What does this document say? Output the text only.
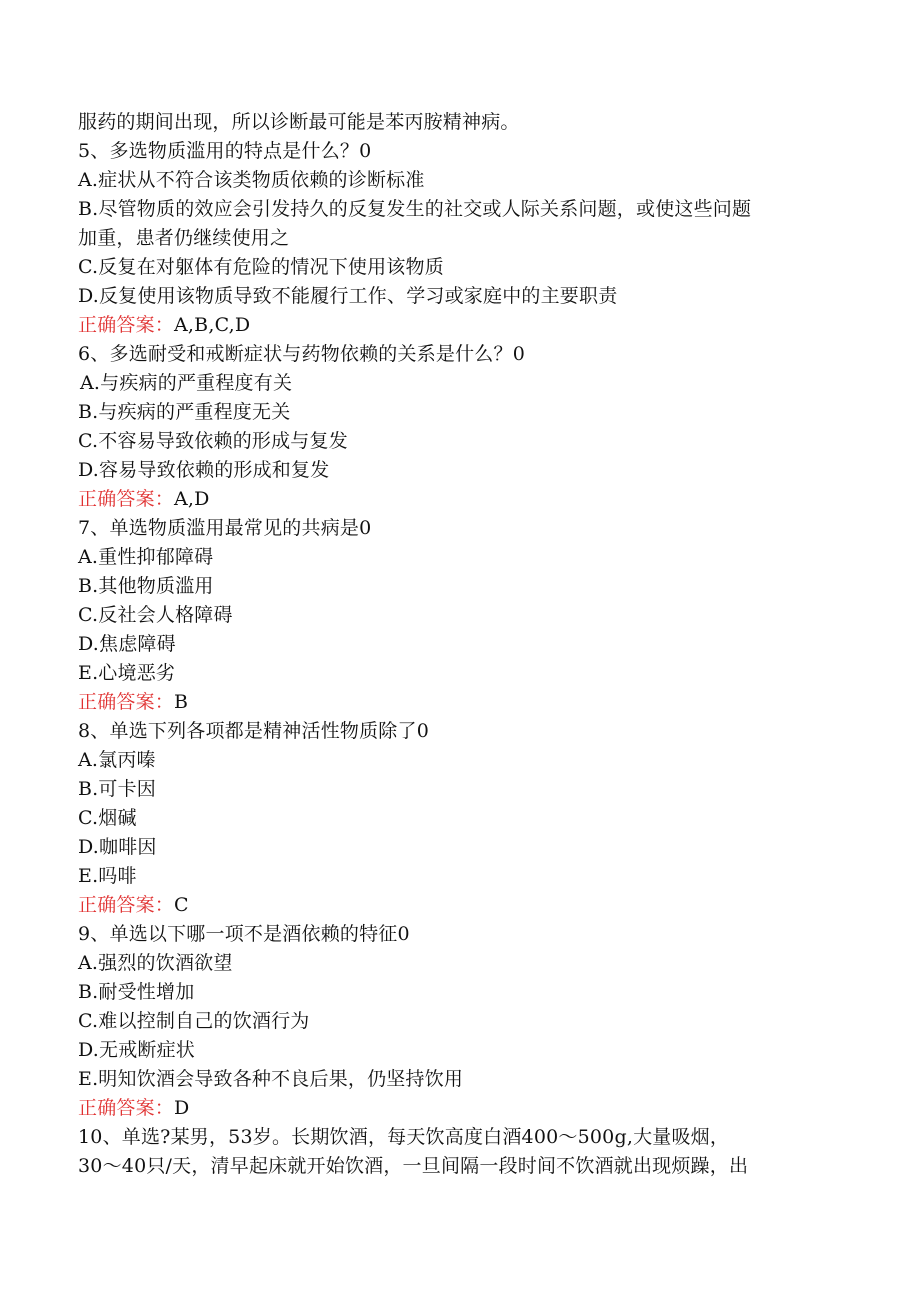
服药的期间出现，所以诊断最可能是苯丙胺精神病。
5、多选物质滥用的特点是什么？0
A.症状从不符合该类物质依赖的诊断标准
B.尽管物质的效应会引发持久的反复发生的社交或人际关系问题，或使这些问题
加重，患者仍继续使用之
C.反复在对躯体有危险的情况下使用该物质
D.反复使用该物质导致不能履行工作、学习或家庭中的主要职责
正确答案：A,B,C,D
6、多选耐受和戒断症状与药物依赖的关系是什么？0
A.与疾病的严重程度有关
B.与疾病的严重程度无关
C.不容易导致依赖的形成与复发
D.容易导致依赖的形成和复发
正确答案：A,D
7、单选物质滥用最常见的共病是0
A.重性抑郁障碍
B.其他物质滥用
C.反社会人格障碍
D.焦虑障碍
E.心境恶劣
正确答案：B
8、单选下列各项都是精神活性物质除了0
A.氯丙嗪
B.可卡因
C.烟碱
D.咖啡因
E.吗啡
正确答案：C
9、单选以下哪一项不是酒依赖的特征0
A.强烈的饮酒欲望
B.耐受性增加
C.难以控制自己的饮酒行为
D.无戒断症状
E.明知饮酒会导致各种不良后果，仍坚持饮用
正确答案：D
10、单选?某男，53岁。长期饮酒，每天饮高度白酒400～500g,大量吸烟，
30～40只/天，清早起床就开始饮酒，一旦间隔一段时间不饮酒就出现烦躁，出
